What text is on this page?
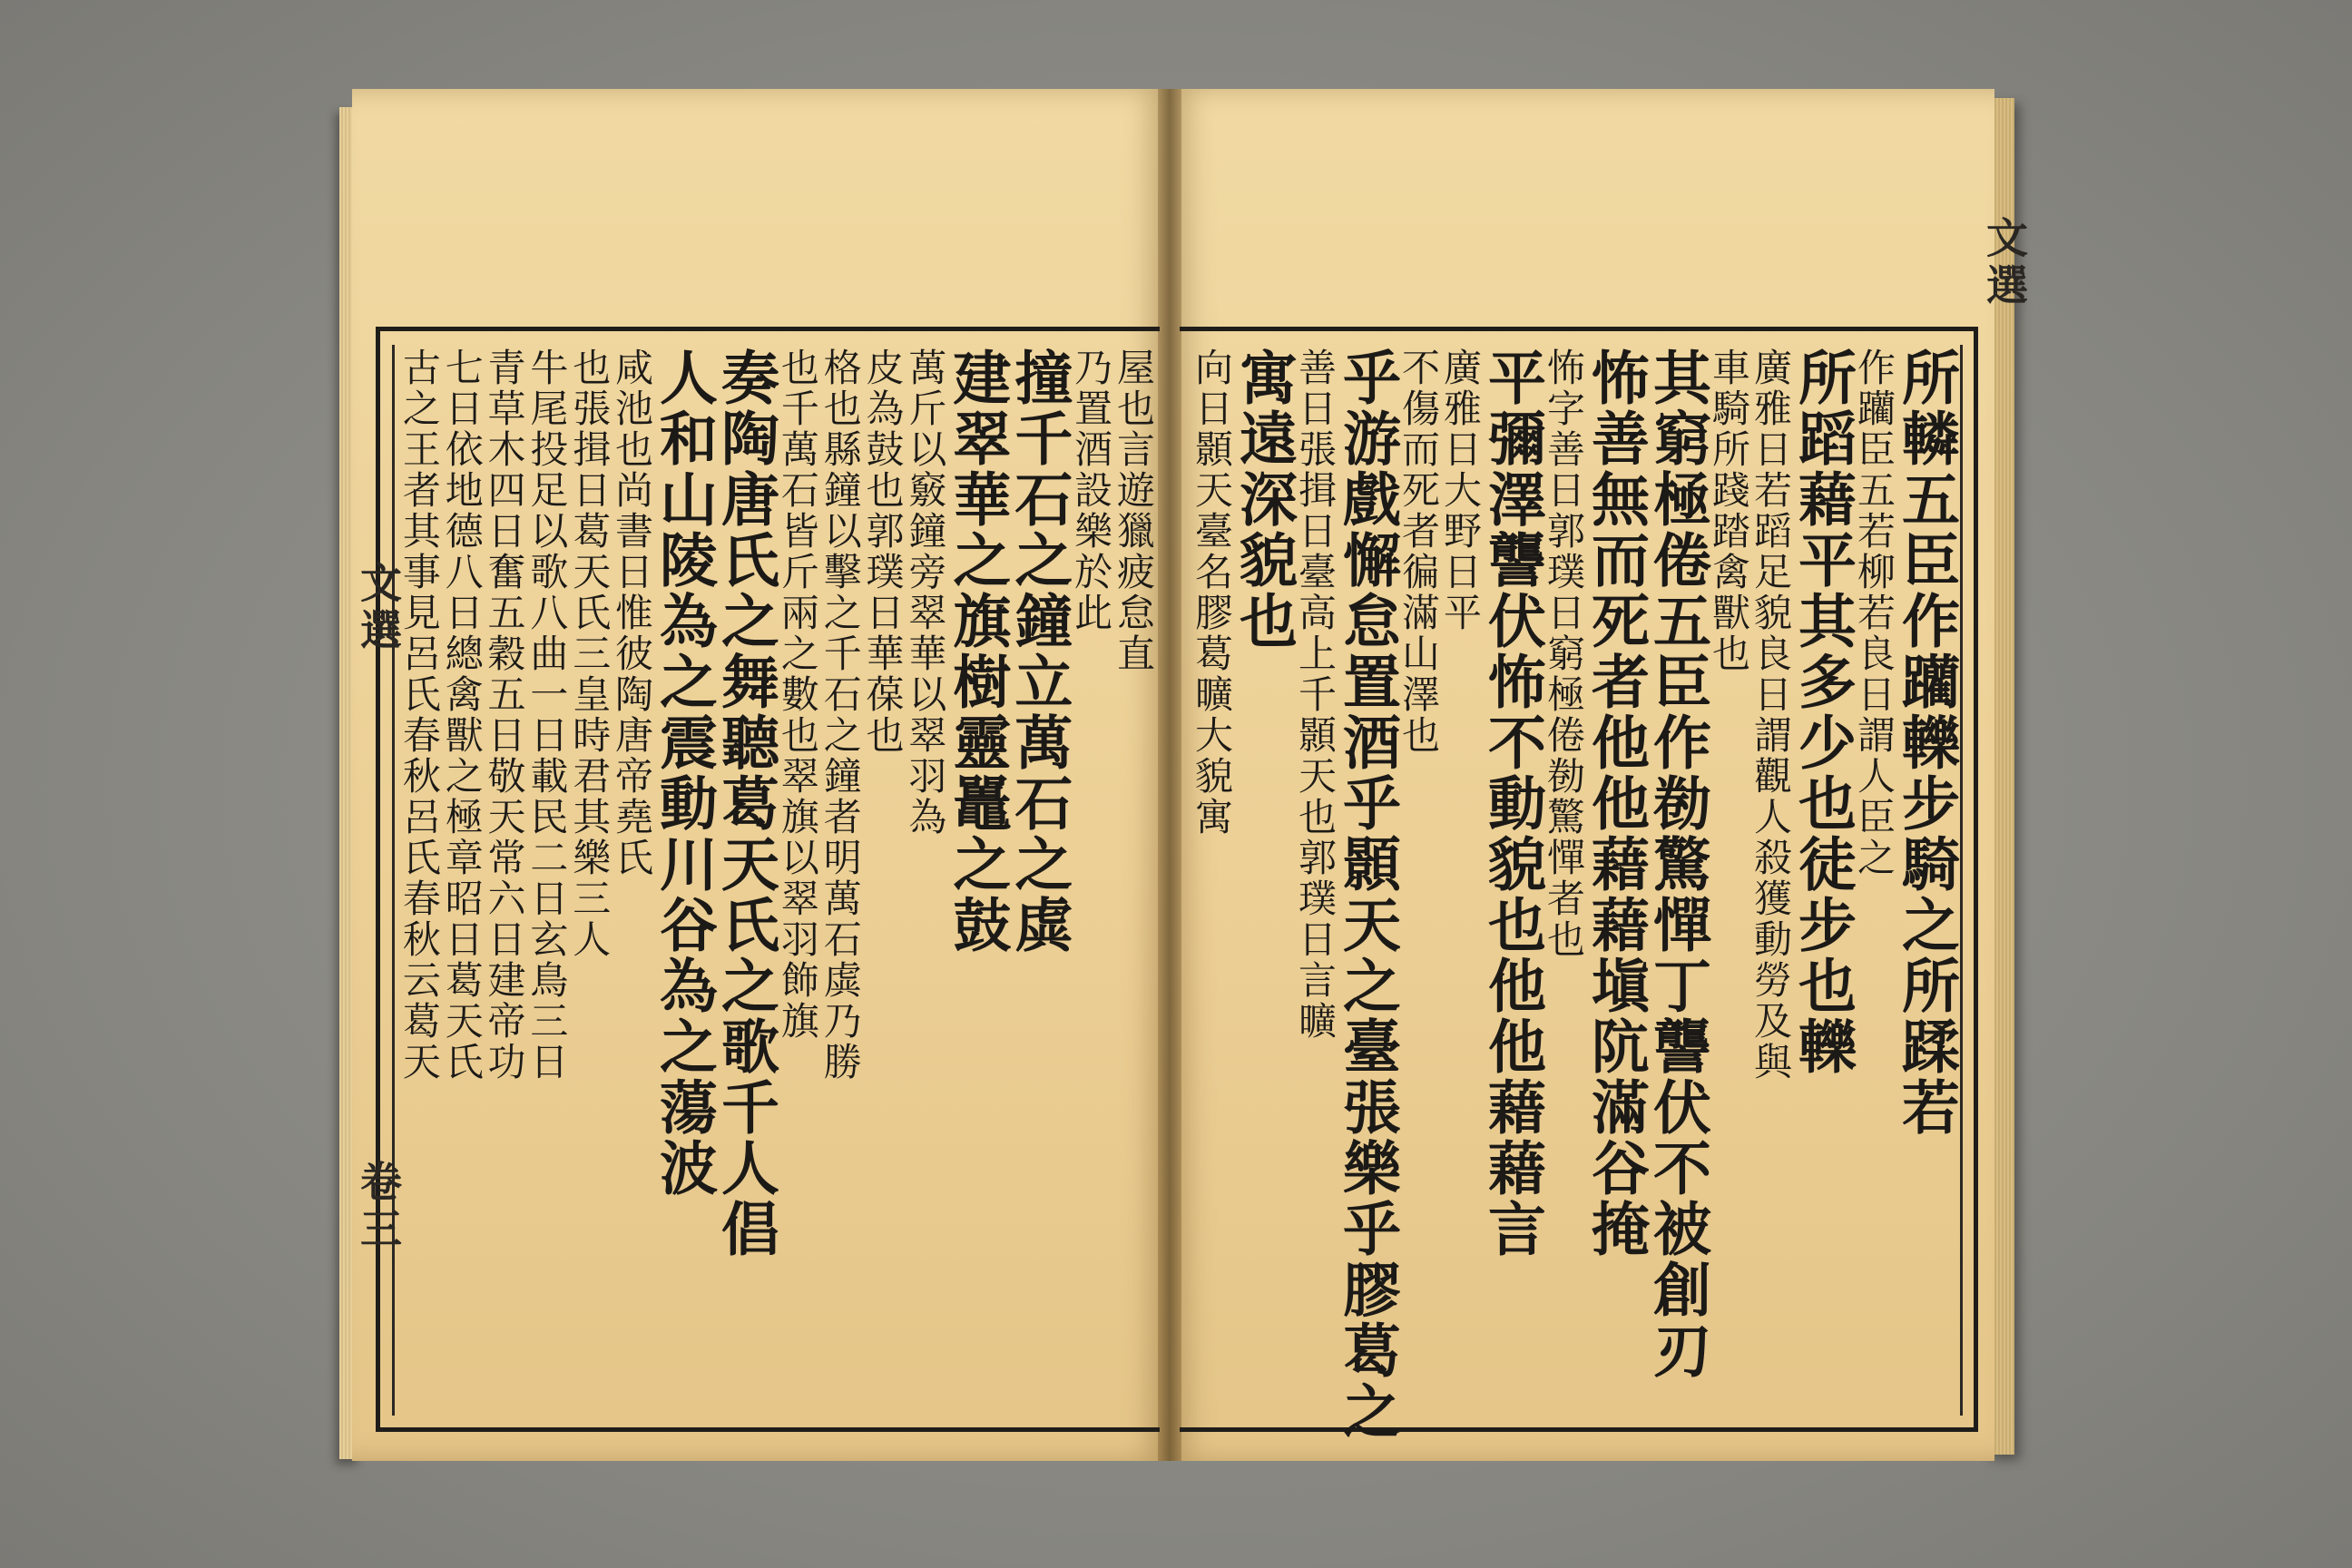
文選
卷三
文選
所轔五臣作躪轢步騎之所蹂若
作躪臣五若柳若良日謂人臣之
所蹈藉平其多少也徒步也轢
廣雅日若蹈足貌良日謂觀人殺獲動勞及與
車騎所踐踏禽獸也
其窮極倦五臣作勌驚憚丁讋伏不被創刃
怖善無而死者他他藉藉塡阬滿谷掩
怖字善日郭璞日窮極倦勌驚憚者也
平彌澤讋伏怖不動貌也他他藉藉言
廣雅日大野日平
不傷而死者徧滿山澤也
乎游戲懈怠置酒乎顥天之臺張樂乎膠葛之
善日張揖日臺高上千顥天也郭璞日言曠
寓遠深貌也
向日顥天臺名膠葛曠大貌寓
屋也言遊獵疲怠直
乃置酒設樂於此
撞千石之鐘立萬石之虡
建翠華之旗樹靈鼉之鼓
萬斤以竅鐘旁翠華以翠羽為
皮為鼓也郭璞日華葆也
格也縣鐘以擊之千石之鐘者明萬石虡乃勝
也千萬石皆斤兩之數也翠旗以翠羽飾旗
奏陶唐氏之舞聽葛天氏之歌千人倡
人和山陵為之震動川谷為之蕩波
咸池也尚書日惟彼陶唐帝堯氏
也張揖日葛天氏三皇時君其樂三人
牛尾投足以歌八曲一日載民二日玄鳥三日
青草木四日奮五穀五日敬天常六日建帝功
七日依地德八日總禽獸之極章昭日葛天氏
古之王者其事見呂氏春秋呂氏春秋云葛天
